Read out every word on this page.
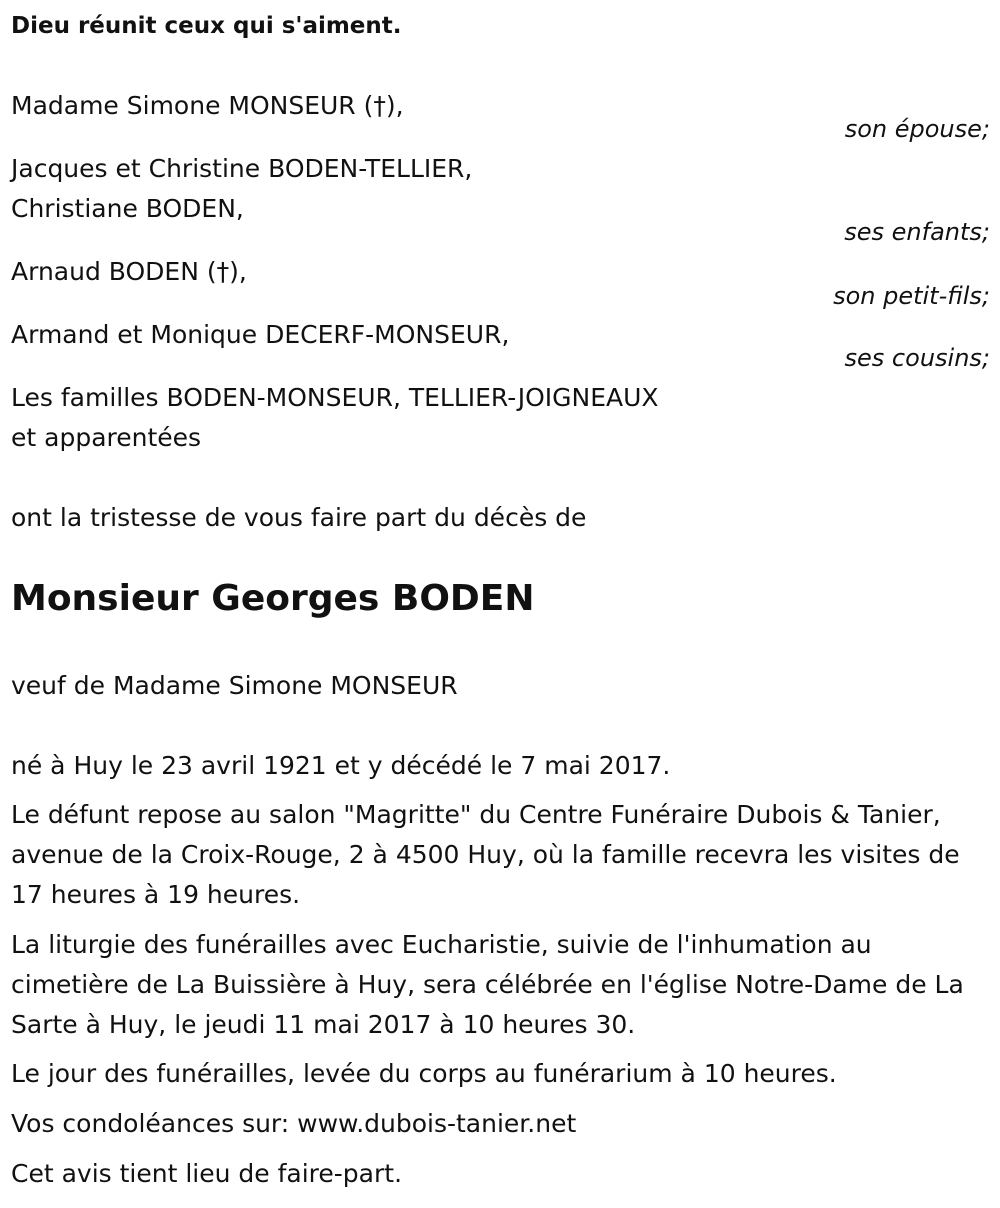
Dieu réunit ceux qui s'aiment.
Madame Simone MONSEUR (†),
son épouse;
Jacques et Christine BODEN-TELLIER,
Christiane BODEN,
ses enfants;
Arnaud BODEN (†),
son petit-fils;
Armand et Monique DECERF-MONSEUR,
ses cousins;
Les familles BODEN-MONSEUR, TELLIER-JOIGNEAUX
et apparentées
ont la tristesse de vous faire part du décès de
Monsieur Georges BODEN
veuf de Madame Simone MONSEUR
né à Huy le 23 avril 1921 et y décédé le 7 mai 2017.
Le défunt repose au salon "Magritte" du Centre Funéraire Dubois & Tanier, avenue de la Croix-Rouge, 2 à 4500 Huy, où la famille recevra les visites de 17 heures à 19 heures.
La liturgie des funérailles avec Eucharistie, suivie de l'inhumation au cimetière de La Buissière à Huy, sera célébrée en l'église Notre-Dame de La Sarte à Huy, le jeudi 11 mai 2017 à 10 heures 30.
Le jour des funérailles, levée du corps au funérarium à 10 heures.
Vos condoléances sur: www.dubois-tanier.net
Cet avis tient lieu de faire-part.
